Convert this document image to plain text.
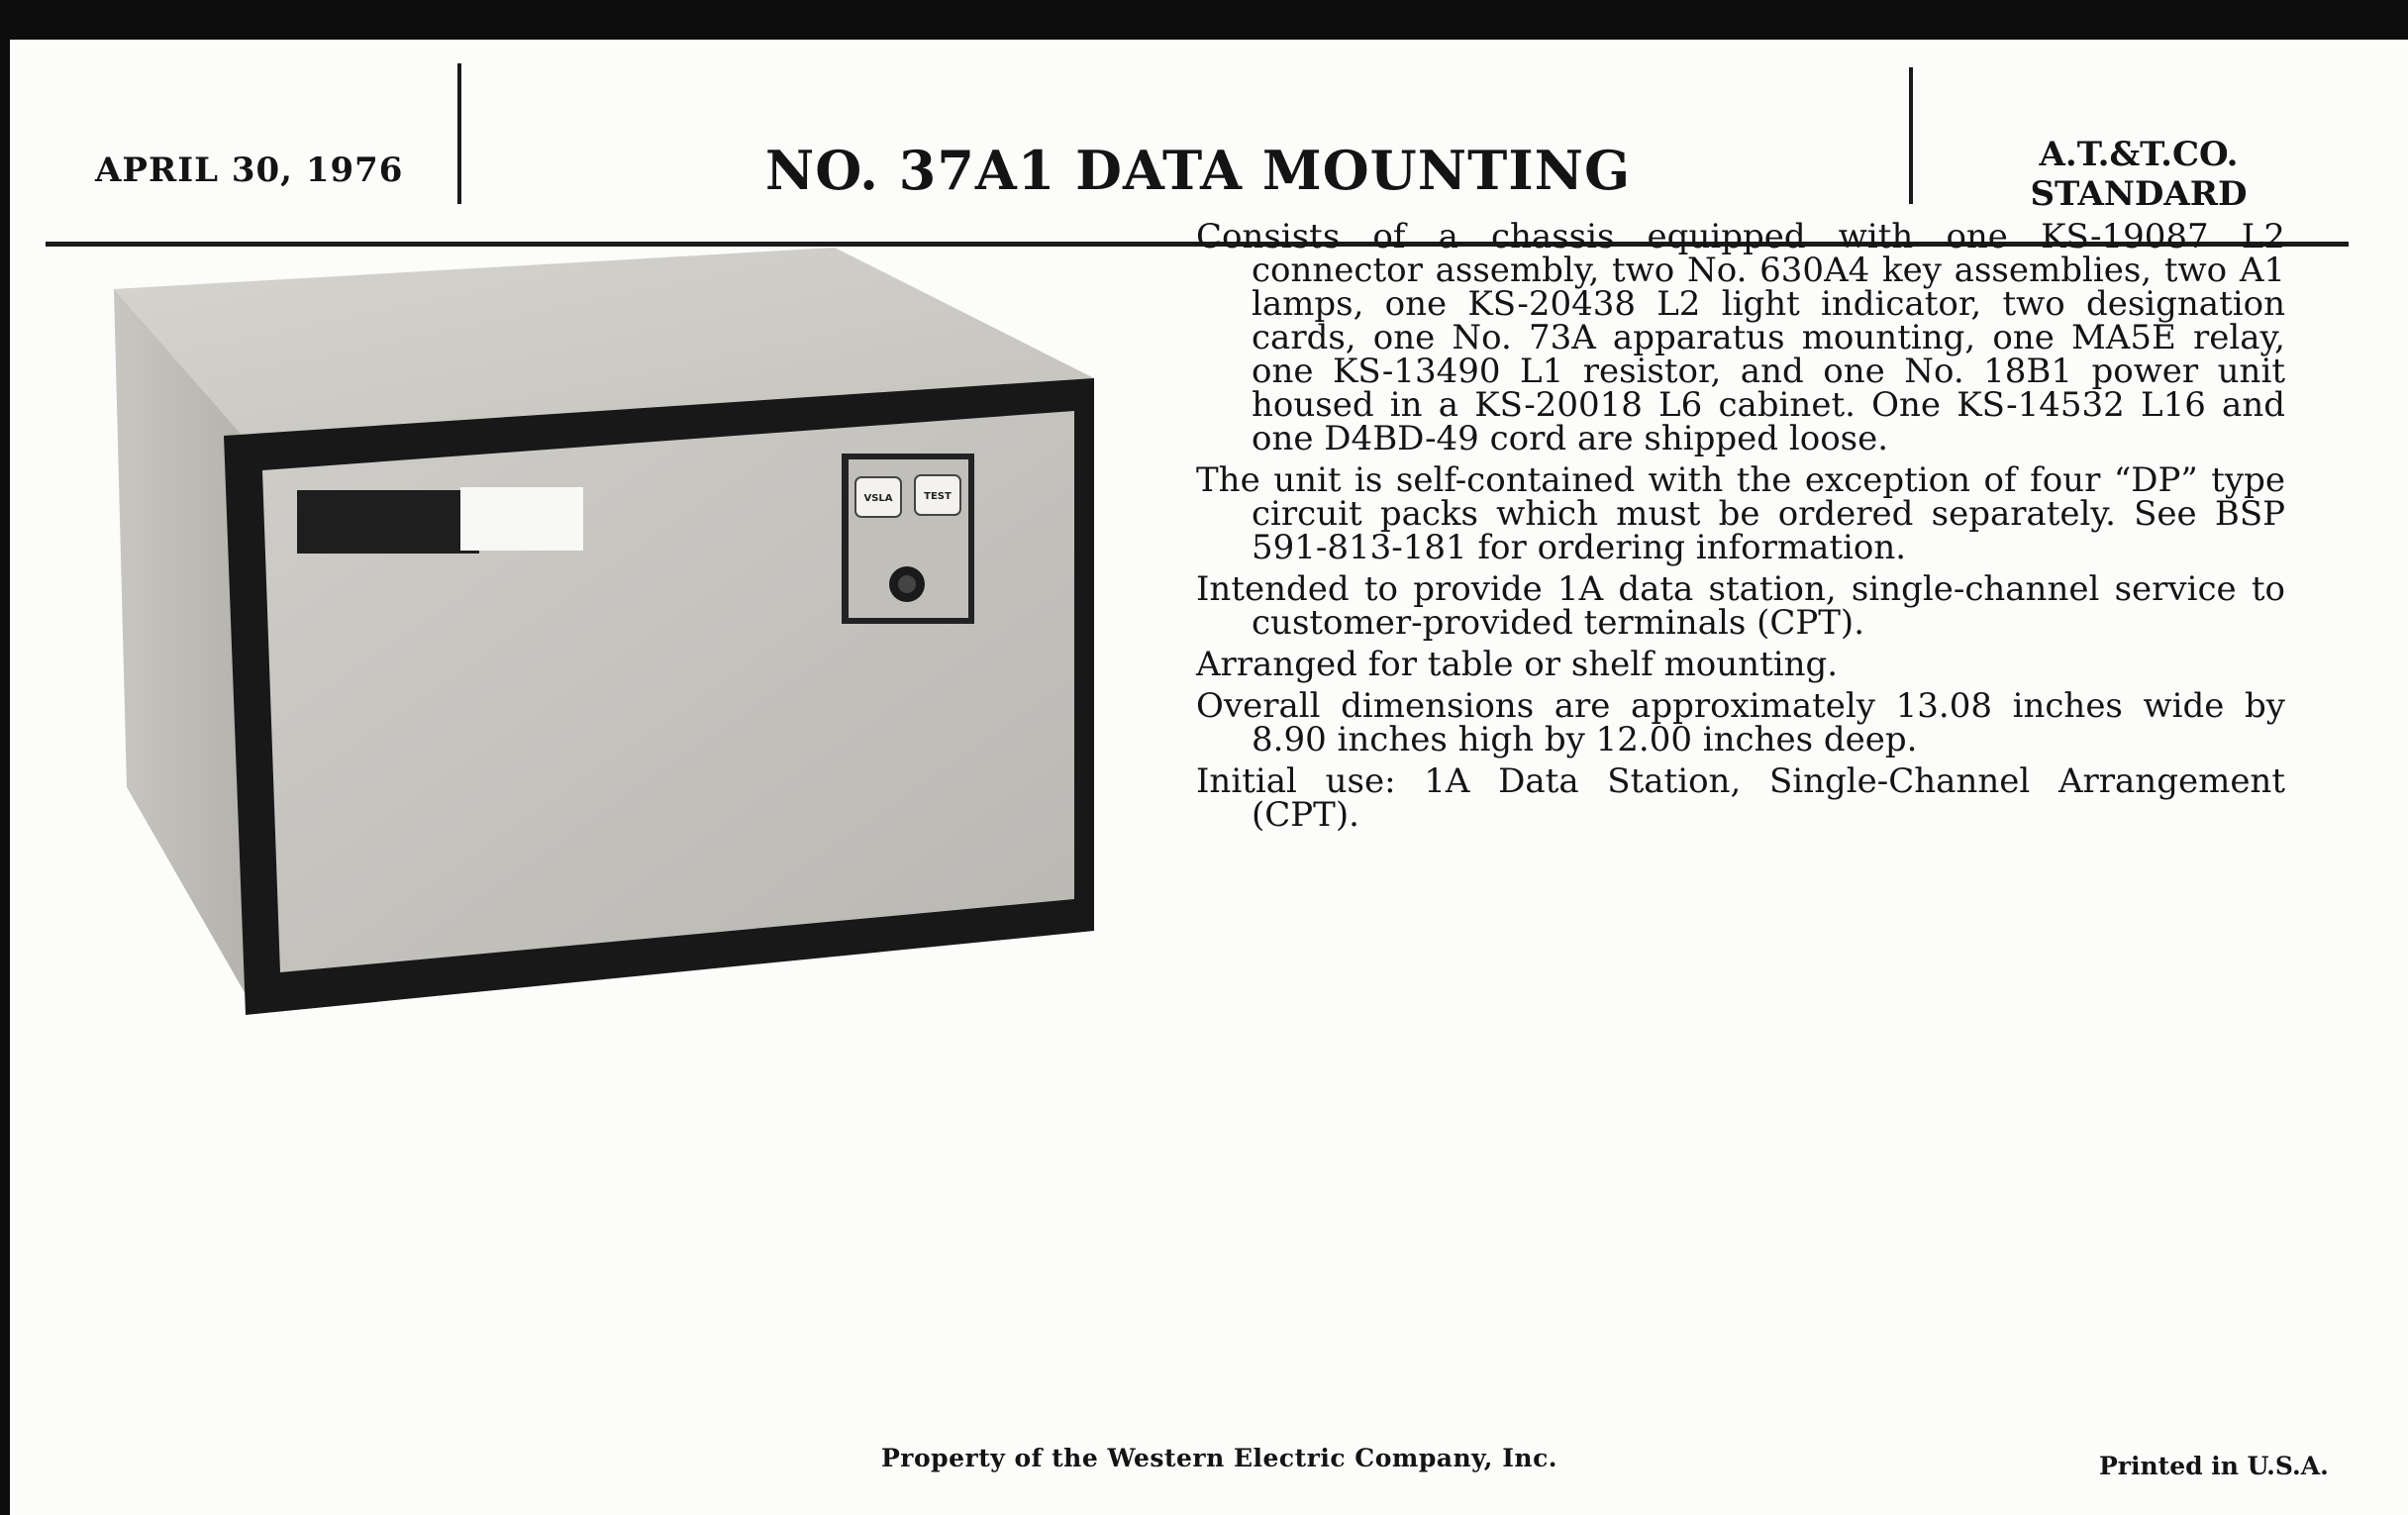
APRIL 30, 1976	NO. 37A1 DATA MOUNTING	A.T.&T.CO.
STANDARD
VSLA	TEST

Consists of a chassis equipped with one KS-19087 L2 connector assembly, two No. 630A4 key assemblies, two A1 lamps, one KS-20438 L2 light indicator, two designation cards, one No. 73A apparatus mounting, one MA5E relay, one KS-13490 L1 resistor, and one No. 18B1 power unit housed in a KS-20018 L6 cabinet. One KS-14532 L16 and one D4BD-49 cord are shipped loose.

The unit is self-contained with the exception of four “DP” type circuit packs which must be ordered separately. See BSP 591-813-181 for ordering information.

Intended to provide 1A data station, single-channel service to customer-provided terminals (CPT).

Arranged for table or shelf mounting.

Overall dimensions are approximately 13.08 inches wide by 8.90 inches high by 12.00 inches deep.

Initial use: 1A Data Station, Single-Channel Arrangement (CPT).

Property of the Western Electric Company, Inc.	Printed in U.S.A.
